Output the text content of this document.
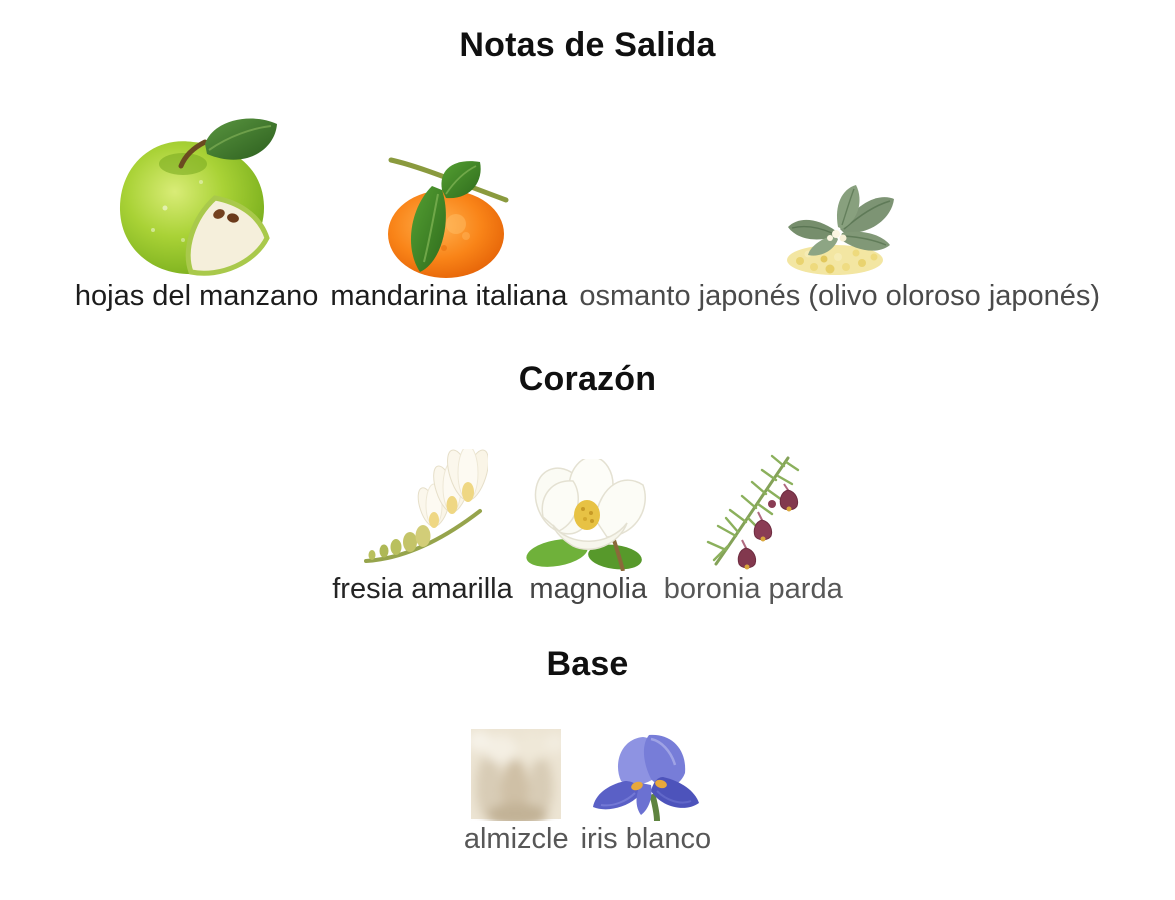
Notas de Salida
hojas del manzano mandarina italiana osmanto japonés (olivo oloroso japonés)
Corazón
fresia amarilla magnolia boronia parda
Base
almizcle iris blanco
